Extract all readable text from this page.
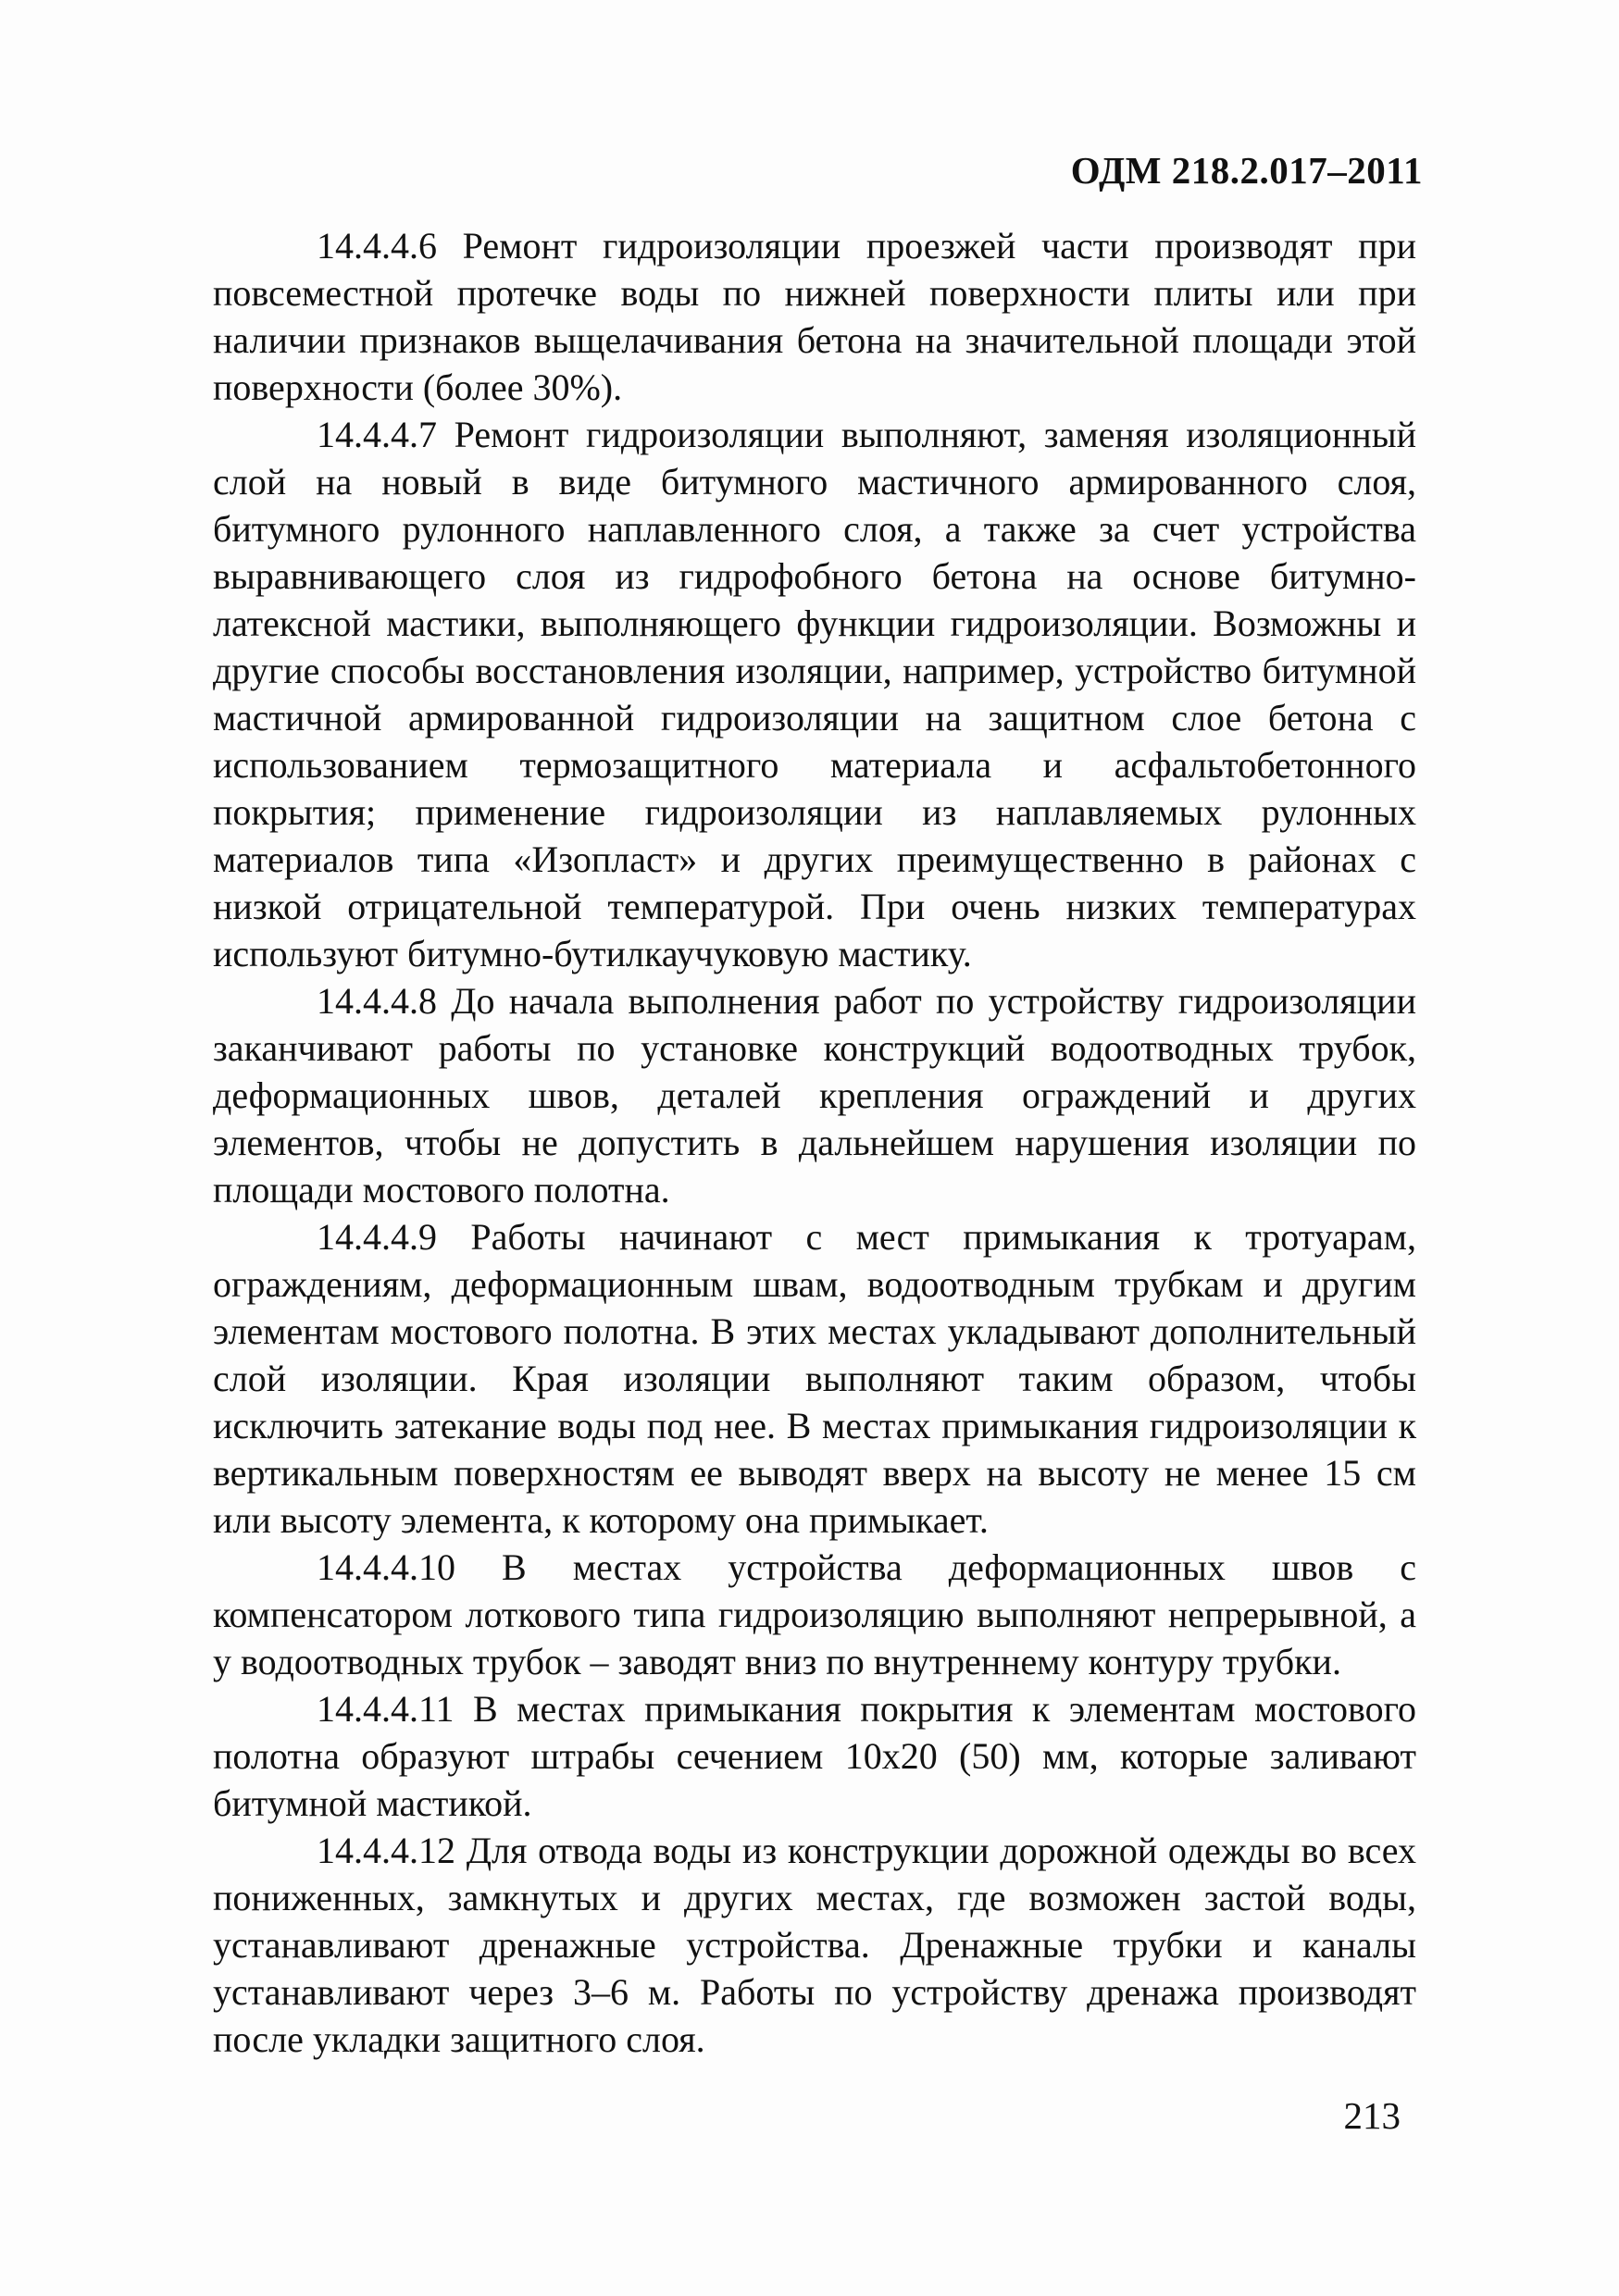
ОДМ 218.2.017–2011

14.4.4.6 Ремонт гидроизоляции проезжей части производят при повсеместной протечке воды по нижней поверхности плиты или при наличии признаков выщелачивания бетона на значительной площади этой поверхности (более 30%).

14.4.4.7 Ремонт гидроизоляции выполняют, заменяя изоляционный слой на новый в виде битумного мастичного армированного слоя, битумного рулонного наплавленного слоя, а также за счет устройства выравнивающего слоя из гидрофобного бетона на основе битумно-латексной мастики, выполняющего функции гидроизоляции. Возможны и другие способы восстановления изоляции, например, устройство битумной мастичной армированной гидроизоляции на защитном слое бетона с использованием термозащитного материала и асфальтобетонного покрытия; применение гидроизоляции из наплавляемых рулонных материалов типа «Изопласт» и других преимущественно в районах с низкой отрицательной температурой. При очень низких температурах используют битумно-бутилкаучуковую мастику.

14.4.4.8 До начала выполнения работ по устройству гидроизоляции заканчивают работы по установке конструкций водоотводных трубок, деформационных швов, деталей крепления ограждений и других элементов, чтобы не допустить в дальнейшем нарушения изоляции по площади мостового полотна.

14.4.4.9 Работы начинают с мест примыкания к тротуарам, ограждениям, деформационным швам, водоотводным трубкам и другим элементам мостового полотна. В этих местах укладывают дополнительный слой изоляции. Края изоляции выполняют таким образом, чтобы исключить затекание воды под нее. В местах примыкания гидроизоляции к вертикальным поверхностям ее выводят вверх на высоту не менее 15 см или высоту элемента, к которому она примыкает.

14.4.4.10 В местах устройства деформационных швов с компенсатором лоткового типа гидроизоляцию выполняют непрерывной, а у водоотводных трубок – заводят вниз по внутреннему контуру трубки.

14.4.4.11 В местах примыкания покрытия к элементам мостового полотна образуют штрабы сечением 10x20 (50) мм, которые заливают битумной мастикой.

14.4.4.12 Для отвода воды из конструкции дорожной одежды во всех пониженных, замкнутых и других местах, где возможен застой воды, устанавливают дренажные устройства. Дренажные трубки и каналы устанавливают через 3–6 м. Работы по устройству дренажа производят после укладки защитного слоя.

213
